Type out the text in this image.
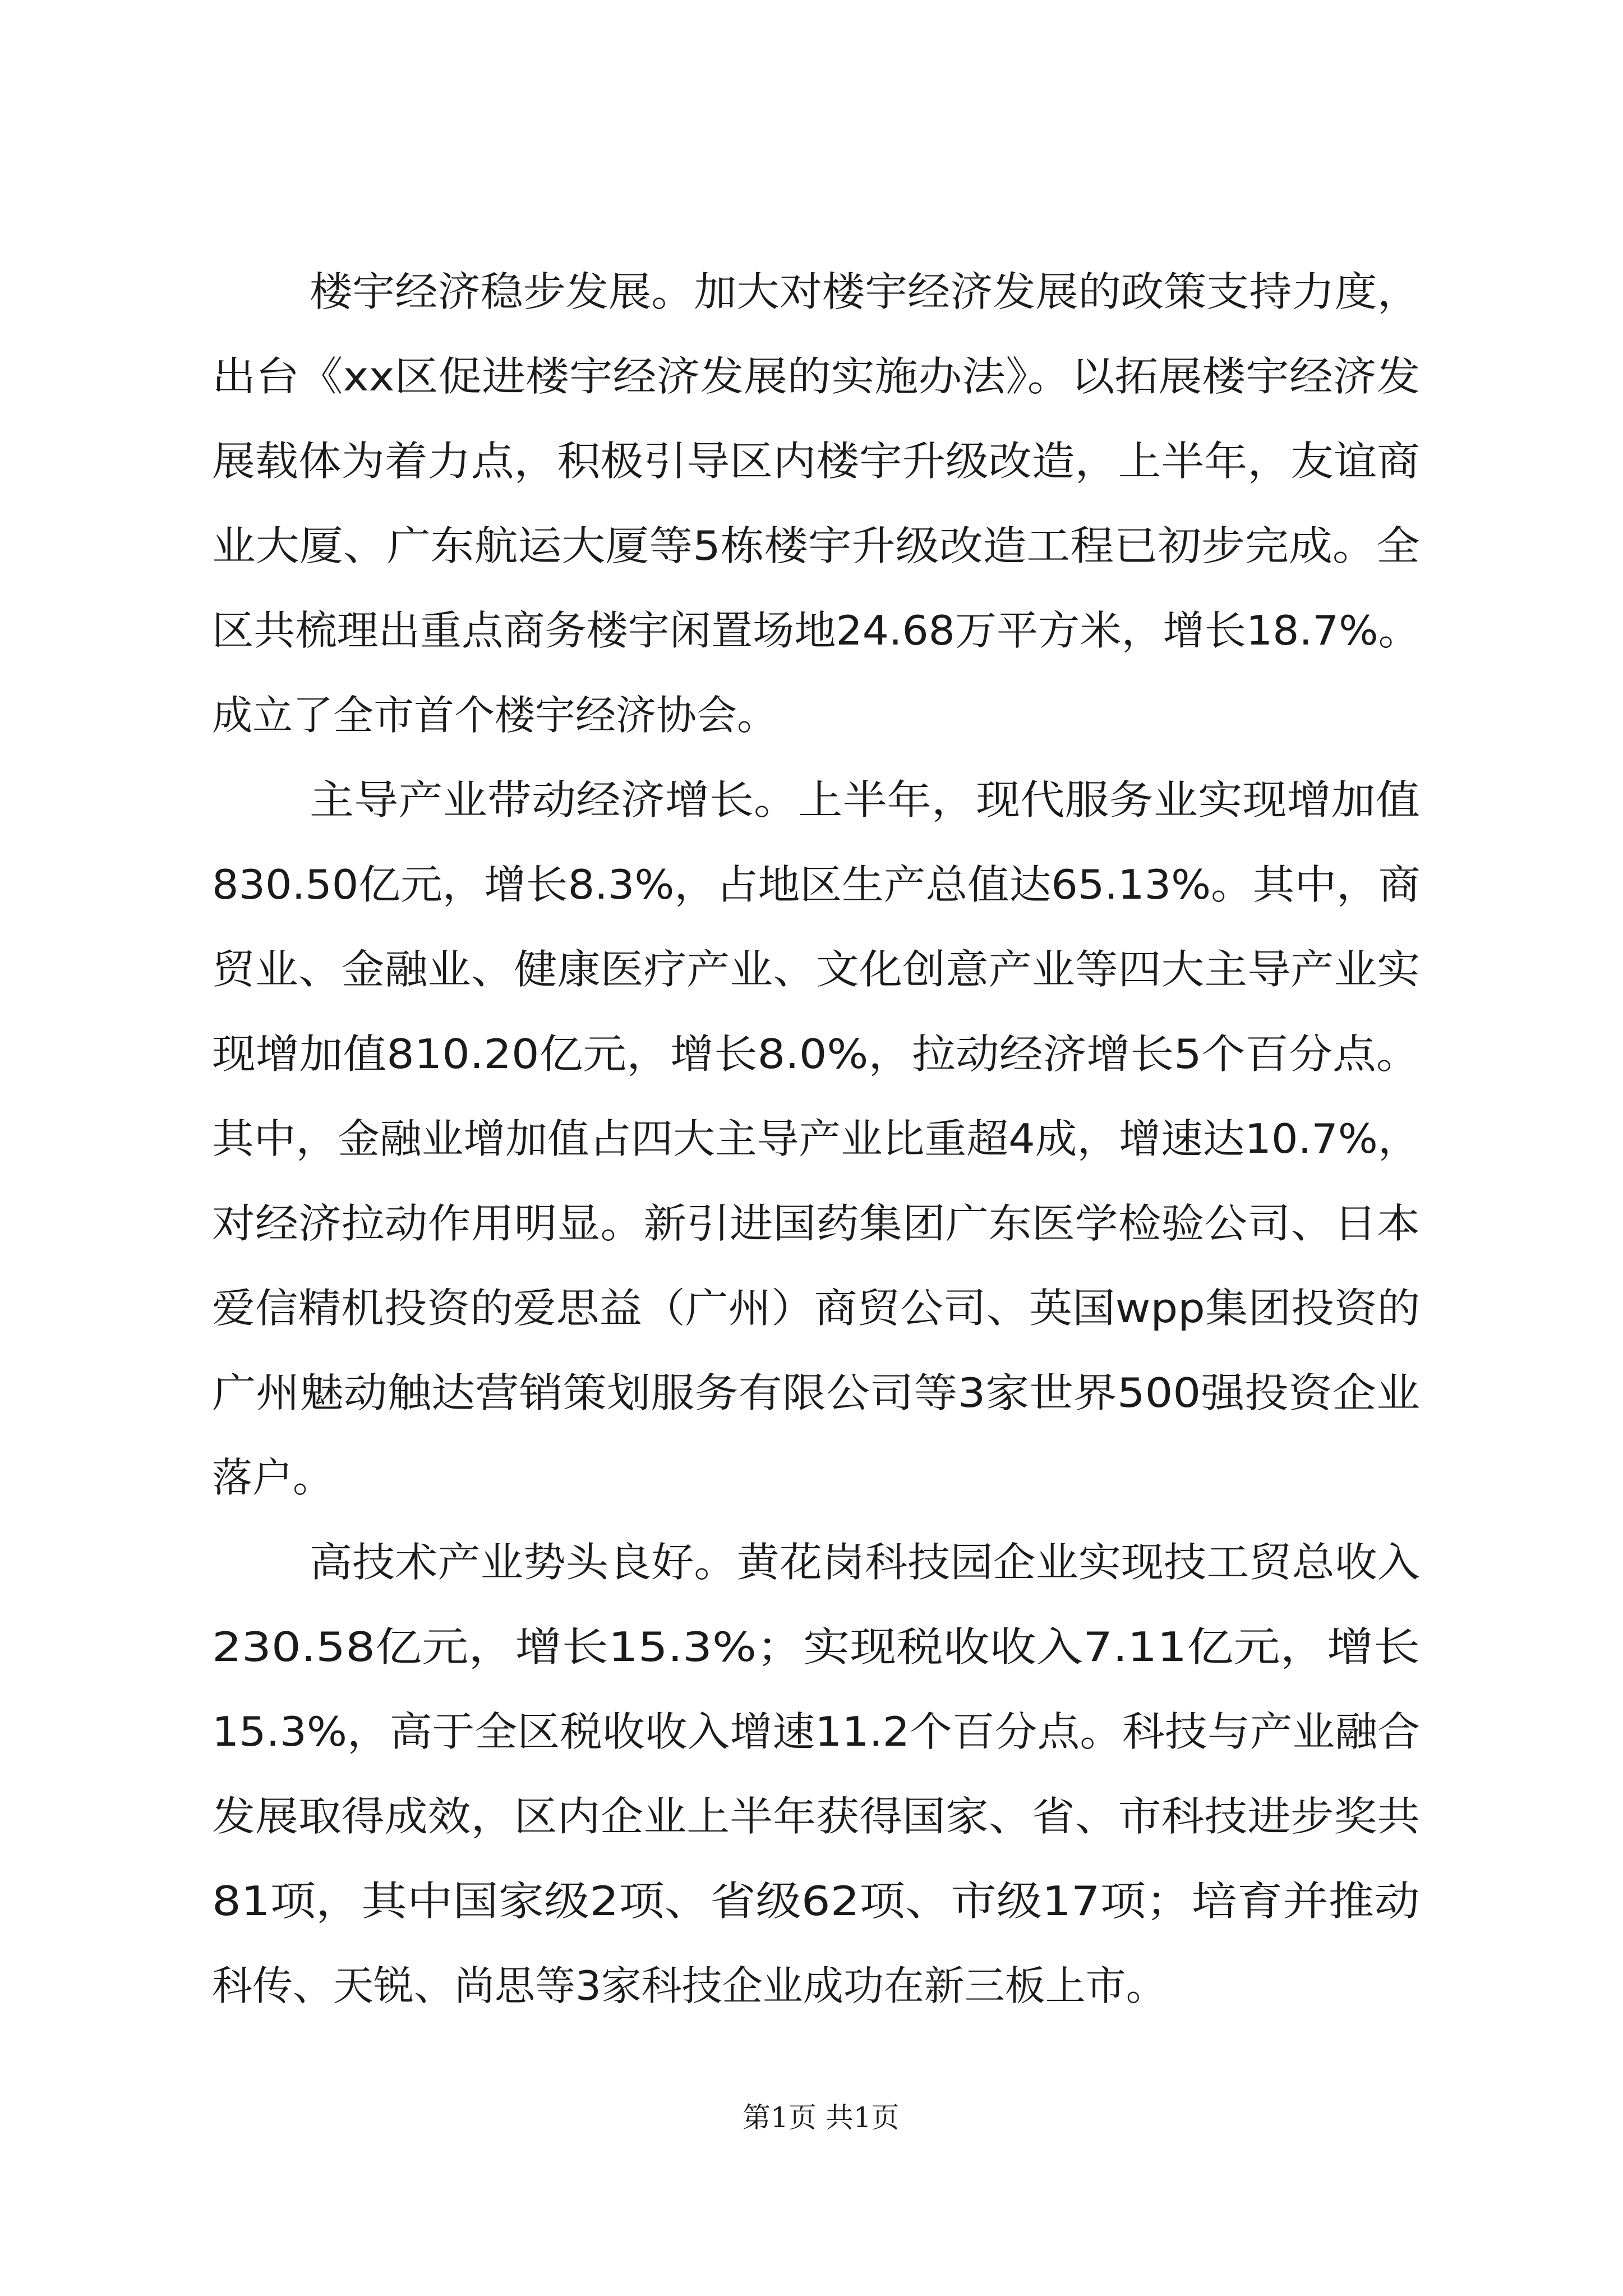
楼宇经济稳步发展。加大对楼宇经济发展的政策支持力度，
出台《xx区促进楼宇经济发展的实施办法》。以拓展楼宇经济发
展载体为着力点，积极引导区内楼宇升级改造，上半年，友谊商
业大厦、广东航运大厦等5栋楼宇升级改造工程已初步完成。全
区共梳理出重点商务楼宇闲置场地24.68万平方米，增长18.7%。
成立了全市首个楼宇经济协会。
主导产业带动经济增长。上半年，现代服务业实现增加值
830.50亿元，增长8.3%，占地区生产总值达65.13%。其中，商
贸业、金融业、健康医疗产业、文化创意产业等四大主导产业实
现增加值810.20亿元，增长8.0%，拉动经济增长5个百分点。
其中，金融业增加值占四大主导产业比重超4成，增速达10.7%，
对经济拉动作用明显。新引进国药集团广东医学检验公司、日本
爱信精机投资的爱思益（广州）商贸公司、英国wpp集团投资的
广州魅动触达营销策划服务有限公司等3家世界500强投资企业
落户。
高技术产业势头良好。黄花岗科技园企业实现技工贸总收入
230.58亿元，增长15.3%；实现税收收入7.11亿元，增长
15.3%，高于全区税收收入增速11.2个百分点。科技与产业融合
发展取得成效，区内企业上半年获得国家、省、市科技进步奖共
81项，其中国家级2项、省级62项、市级17项；培育并推动
科传、天锐、尚思等3家科技企业成功在新三板上市。
第1页 共1页
